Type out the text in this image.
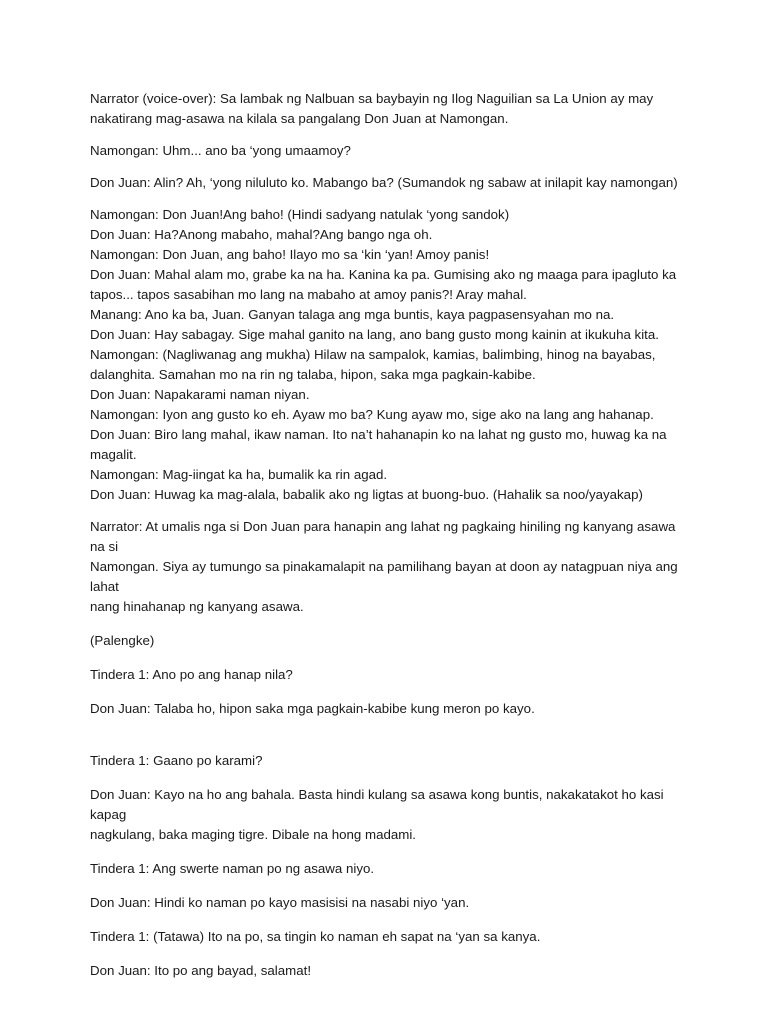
Narrator (voice-over): Sa lambak ng Nalbuan sa baybayin ng Ilog Naguilian sa La Union ay may
nakatirang mag-asawa na kilala sa pangalang Don Juan at Namongan.

Namongan: Uhm... ano ba ‘yong umaamoy?

Don Juan: Alin? Ah, ‘yong niluluto ko. Mabango ba? (Sumandok ng sabaw at inilapit kay namongan)

Namongan: Don Juan!Ang baho! (Hindi sadyang natulak ‘yong sandok)
Don Juan: Ha?Anong mabaho, mahal?Ang bango nga oh.
Namongan: Don Juan, ang baho! Ilayo mo sa ‘kin ‘yan! Amoy panis!
Don Juan: Mahal alam mo, grabe ka na ha. Kanina ka pa. Gumising ako ng maaga para ipagluto ka
tapos... tapos sasabihan mo lang na mabaho at amoy panis?! Aray mahal.
Manang: Ano ka ba, Juan. Ganyan talaga ang mga buntis, kaya pagpasensyahan mo na.
Don Juan: Hay sabagay. Sige mahal ganito na lang, ano bang gusto mong kainin at ikukuha kita.
Namongan: (Nagliwanag ang mukha) Hilaw na sampalok, kamias, balimbing, hinog na bayabas,
dalanghita. Samahan mo na rin ng talaba, hipon, saka mga pagkain-kabibe.
Don Juan: Napakarami naman niyan.
Namongan: Iyon ang gusto ko eh. Ayaw mo ba? Kung ayaw mo, sige ako na lang ang hahanap.
Don Juan: Biro lang mahal, ikaw naman. Ito na’t hahanapin ko na lahat ng gusto mo, huwag ka na
magalit.
Namongan: Mag-iingat ka ha, bumalik ka rin agad.
Don Juan: Huwag ka mag-alala, babalik ako ng ligtas at buong-buo. (Hahalik sa noo/yayakap)

Narrator: At umalis nga si Don Juan para hanapin ang lahat ng pagkaing hiniling ng kanyang asawa na si
Namongan. Siya ay tumungo sa pinakamalapit na pamilihang bayan at doon ay natagpuan niya ang lahat
nang hinahanap ng kanyang asawa.

(Palengke)

Tindera 1: Ano po ang hanap nila?

Don Juan: Talaba ho, hipon saka mga pagkain-kabibe kung meron po kayo.

Tindera 1: Gaano po karami?

Don Juan: Kayo na ho ang bahala. Basta hindi kulang sa asawa kong buntis, nakakatakot ho kasi kapag
nagkulang, baka maging tigre. Dibale na hong madami.

Tindera 1: Ang swerte naman po ng asawa niyo.

Don Juan: Hindi ko naman po kayo masisisi na nasabi niyo ‘yan.

Tindera 1: (Tatawa) Ito na po, sa tingin ko naman eh sapat na ‘yan sa kanya.

Don Juan: Ito po ang bayad, salamat!
